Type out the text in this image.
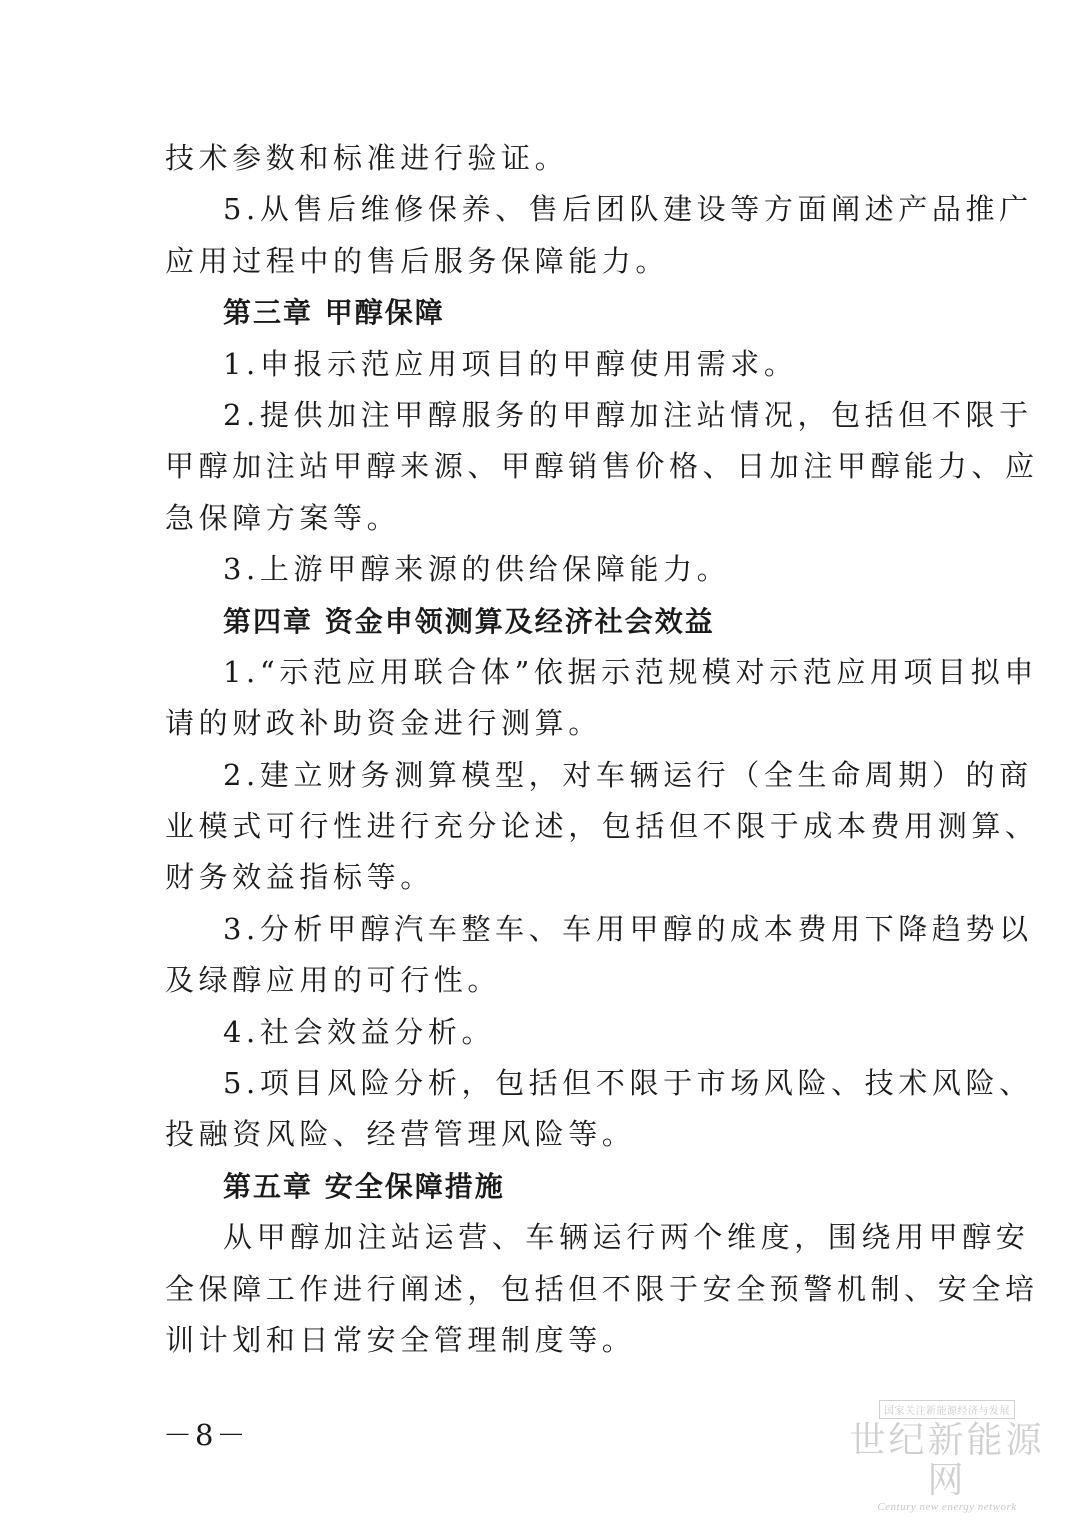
技术参数和标准进行验证。
5.从售后维修保养、售后团队建设等方面阐述产品推广
应用过程中的售后服务保障能力。
第三章 甲醇保障
1.申报示范应用项目的甲醇使用需求。
2.提供加注甲醇服务的甲醇加注站情况，包括但不限于
甲醇加注站甲醇来源、甲醇销售价格、日加注甲醇能力、应
急保障方案等。
3.上游甲醇来源的供给保障能力。
第四章 资金申领测算及经济社会效益
1.“示范应用联合体”依据示范规模对示范应用项目拟申
请的财政补助资金进行测算。
2.建立财务测算模型，对车辆运行（全生命周期）的商
业模式可行性进行充分论述，包括但不限于成本费用测算、
财务效益指标等。
3.分析甲醇汽车整车、车用甲醇的成本费用下降趋势以
及绿醇应用的可行性。
4.社会效益分析。
5.项目风险分析，包括但不限于市场风险、技术风险、
投融资风险、经营管理风险等。
第五章 安全保障措施
从甲醇加注站运营、车辆运行两个维度，围绕用甲醇安
全保障工作进行阐述，包括但不限于安全预警机制、安全培
训计划和日常安全管理制度等。
－8－
国家关注新能源经济与发展
世纪新能源网
Century new energy network
